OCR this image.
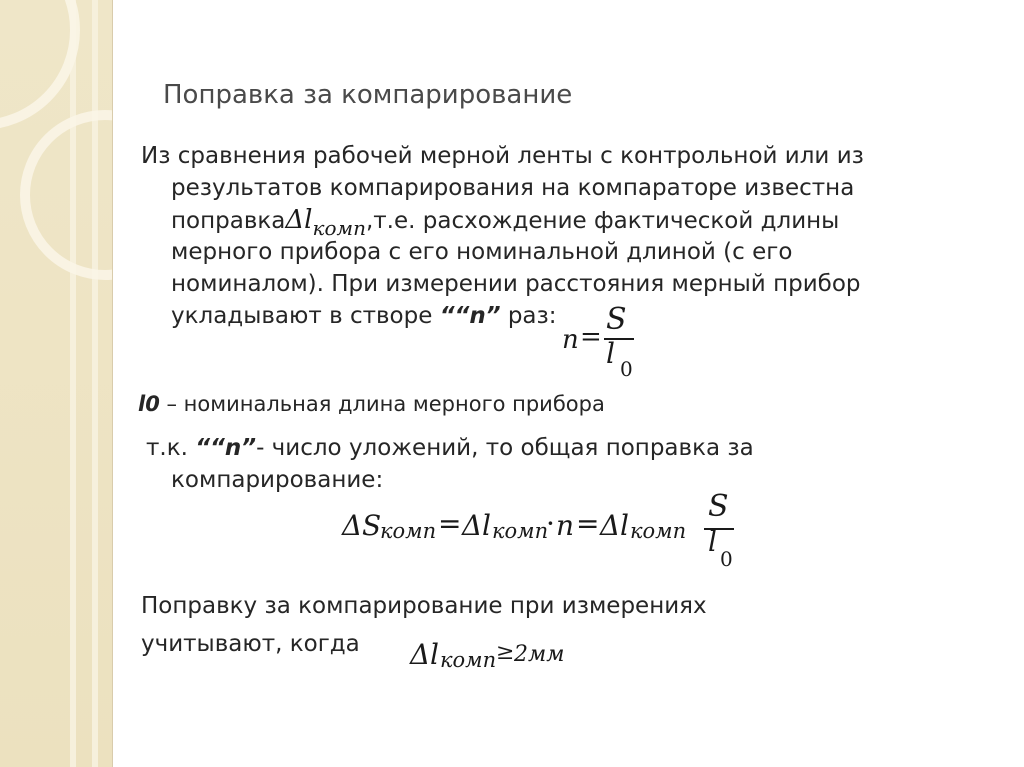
Поправка за компарирование
Из сравнения рабочей мерной ленты с контрольной или из
результатов компарирования на компараторе известна
поправкаΔl$_{комп}$,т.е. расхождение фактической длины
мерного прибора с его номинальной длиной (с его
номиналом). При измерении расстояния мерный прибор
укладывают в створе ““n” раз:
n = S
l 0
l0 – номинальная длина мерного прибора
т.к. ““n”- число уложений, то общая поправка за
компарирование:
Δ S
комп = Δ l комп
· n = Δ l комп
S
l
0
Поправку за компарирование при измерениях
учитывают, когда Δ l комп ≥ 2мм
